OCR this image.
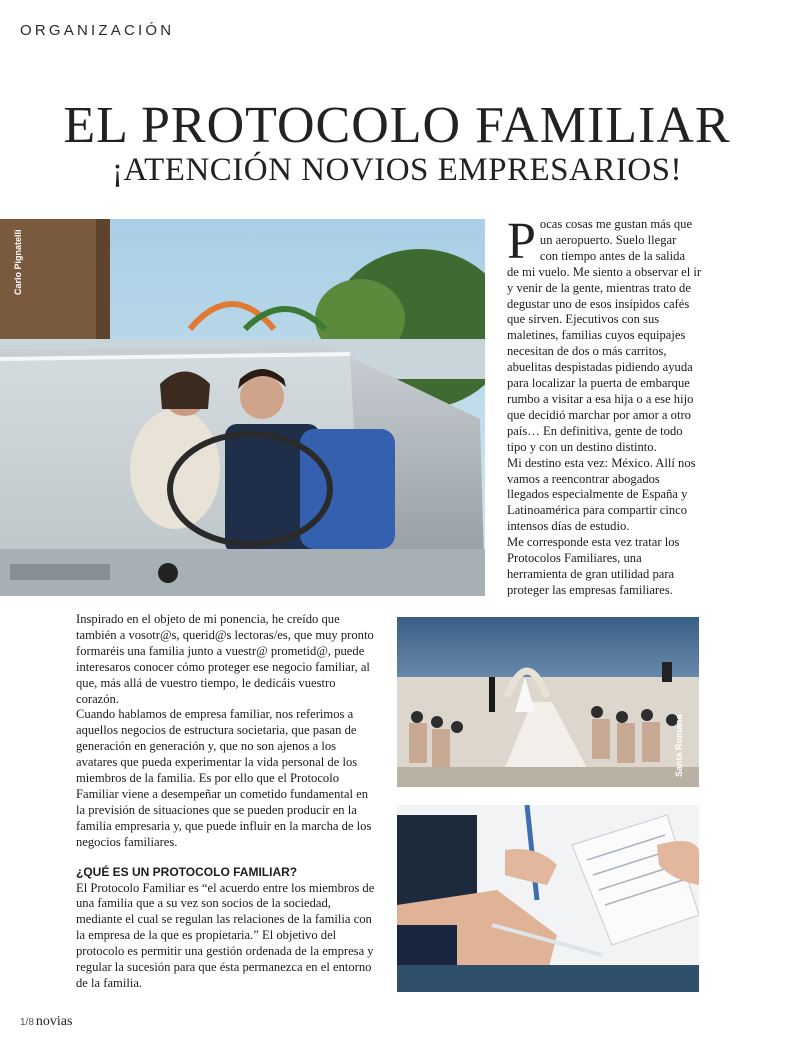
ORGANIZACIÓN
EL PROTOCOLO FAMILIAR
¡ATENCIÓN NOVIOS EMPRESARIOS!
Carlo Pignatelli	Pocas cosas me gustan más que
un aeropuerto. Suelo llegar
con tiempo antes de la salida
de mi vuelo. Me siento a observar el ir y venir de la gente, mientras trato de degustar uno de esos insípidos cafés que sirven. Ejecutivos con sus maletines, familias cuyos equipajes necesitan de dos o más carritos, abuelitas despistadas pidiendo ayuda para localizar la puerta de embarque rumbo a visitar a esa hija o a ese hijo que decidió marchar por amor a otro país… En definitiva, gente de todo tipo y con un destino distinto.

Mi destino esta vez: México. Allí nos vamos a reencontrar abogados llegados especialmente de España y Latinoamérica para compartir cinco intensos días de estudio.

Me corresponde esta vez tratar los Protocolos Familiares, una herramienta de gran utilidad para proteger las empresas familiares.

Inspirado en el objeto de mi ponencia, he creído que también a vosotr@s, querid@s lectoras/es, que muy pronto formaréis una familia junto a vuestr@ prometid@, puede interesaros conocer cómo proteger ese negocio familiar, al que, más allá de vuestro tiempo, le dedicáis vuestro corazón.

Cuando hablamos de empresa familiar, nos referimos a aquellos negocios de estructura societaria, que pasan de generación en generación y, que no son ajenos a los avatares que pueda experimentar la vida personal de los miembros de la familia. Es por ello que el Protocolo Familiar viene a desempeñar un cometido fundamental en la previsión de situaciones que se pueden producir en la familia empresaria y, que puede influir en la marcha de los negocios familiares.

¿QUÉ ES UN PROTOCOLO FAMILIAR?

El Protocolo Familiar es “el acuerdo entre los miembros de una familia que a su vez son socios de la sociedad, mediante el cual se regulan las relaciones de la familia con la empresa de la que es propietaria.” El objetivo del protocolo es permitir una gestión ordenada de la empresa y regular la sucesión para que ésta permanezca en el entorno de la familia.

Santa Romana
1/8 novias
